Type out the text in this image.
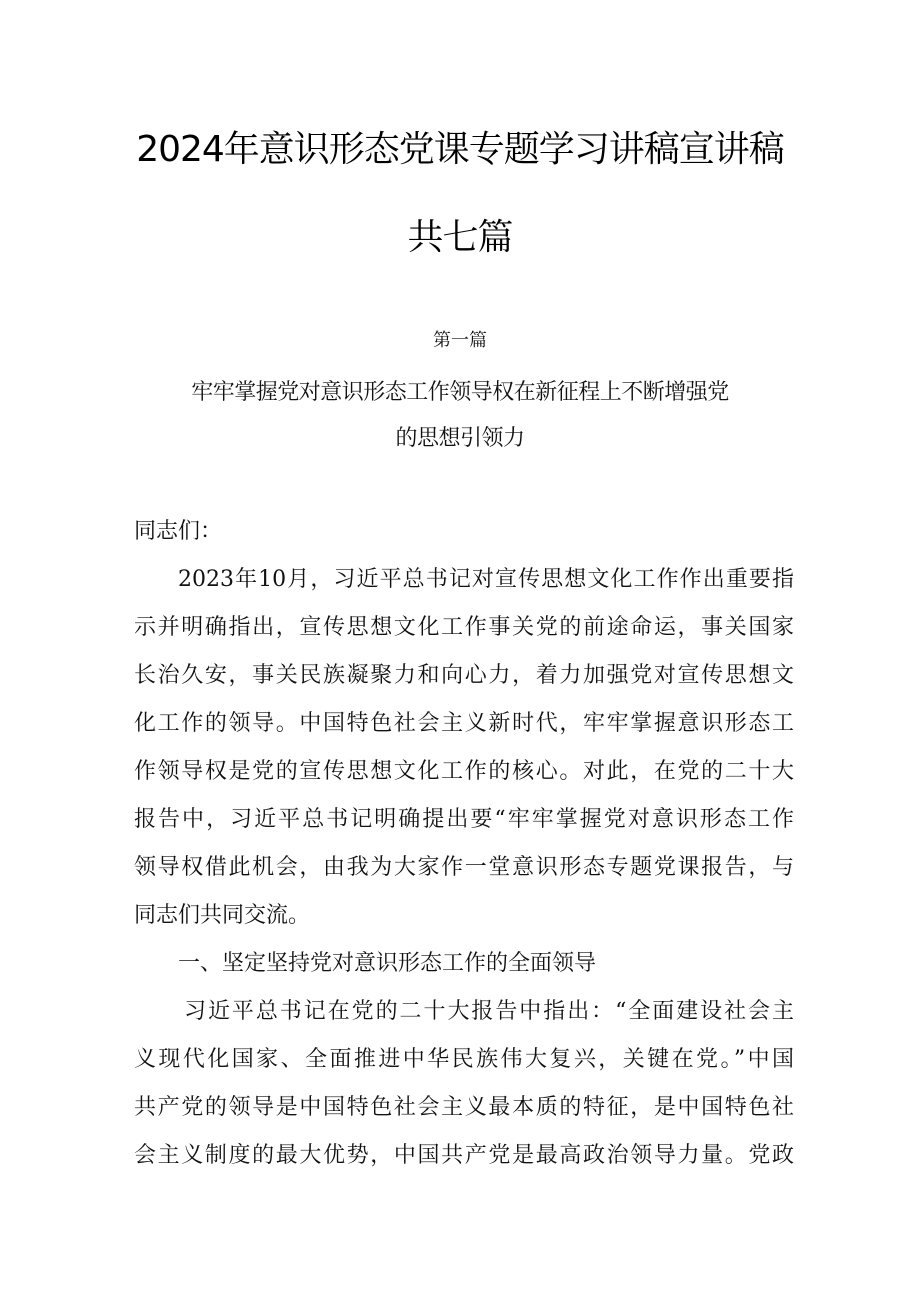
2024年意识形态党课专题学习讲稿宣讲稿
共七篇
第一篇
牢牢掌握党对意识形态工作领导权在新征程上不断增强党
的思想引领力
同志们：
2023年10月，习近平总书记对宣传思想文化工作作出重要指
示并明确指出，宣传思想文化工作事关党的前途命运，事关国家
长治久安，事关民族凝聚力和向心力，着力加强党对宣传思想文
化工作的领导。中国特色社会主义新时代，牢牢掌握意识形态工
作领导权是党的宣传思想文化工作的核心。对此，在党的二十大
报告中，习近平总书记明确提出要“牢牢掌握党对意识形态工作
领导权借此机会，由我为大家作一堂意识形态专题党课报告，与
同志们共同交流。
一、坚定坚持党对意识形态工作的全面领导
习近平总书记在党的二十大报告中指出：“全面建设社会主
义现代化国家、全面推进中华民族伟大复兴，关键在党。”中国
共产党的领导是中国特色社会主义最本质的特征，是中国特色社
会主义制度的最大优势，中国共产党是最高政治领导力量。党政
